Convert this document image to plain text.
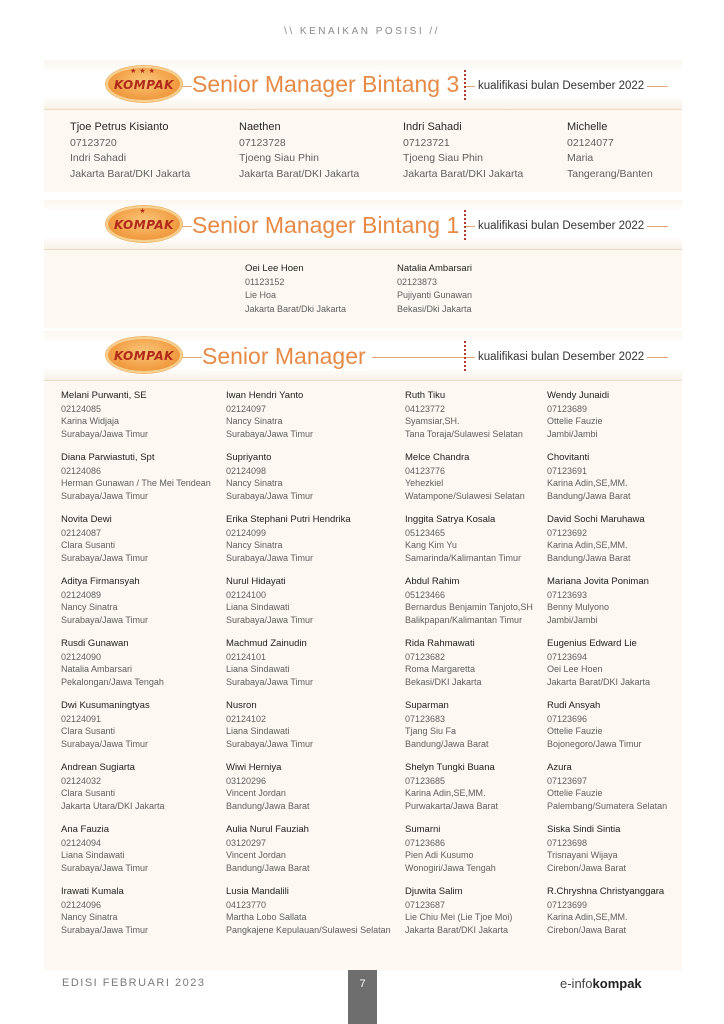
\\ KENAIKAN POSISI //
★★★
KOMPAK Senior Manager Bintang 3	kualifikasi bulan Desember 2022
Tjoe Petrus Kisianto
07123720
Indri Sahadi
Jakarta Barat/DKI Jakarta
Naethen
07123728
Tjoeng Siau Phin
Jakarta Barat/DKI Jakarta
Indri Sahadi
07123721
Tjoeng Siau Phin
Jakarta Barat/DKI Jakarta
Michelle
02124077
Maria
Tangerang/Banten
★
KOMPAK Senior Manager Bintang 1	kualifikasi bulan Desember 2022
Oei Lee Hoen
01123152
Lie Hoa
Jakarta Barat/Dki Jakarta
Natalia Ambarsari
02123873
Pujiyanti Gunawan
Bekasi/Dki Jakarta
KOMPAK Senior Manager	kualifikasi bulan Desember 2022
Melani Purwanti, SE
02124085
Karina Widjaja
Surabaya/Jawa Timur
Diana Parwiastuti, Spt
02124086
Herman Gunawan / The Mei Tendean
Surabaya/Jawa Timur
Novita Dewi
02124087
Clara Susanti
Surabaya/Jawa Timur
Aditya Firmansyah
02124089
Nancy Sinatra
Surabaya/Jawa Timur
Rusdi Gunawan
02124090
Natalia Ambarsari
Pekalongan/Jawa Tengah
Dwi Kusumaningtyas
02124091
Clara Susanti
Surabaya/Jawa Timur
Andrean Sugiarta
02124032
Clara Susanti
Jakarta Utara/DKI Jakarta
Ana Fauzia
02124094
Liana Sindawati
Surabaya/Jawa Timur
Irawati Kumala
02124096
Nancy Sinatra
Surabaya/Jawa Timur
Iwan Hendri Yanto
02124097
Nancy Sinatra
Surabaya/Jawa Timur
Supriyanto
02124098
Nancy Sinatra
Surabaya/Jawa Timur
Erika Stephani Putri Hendrika
02124099
Nancy Sinatra
Surabaya/Jawa Timur
Nurul Hidayati
02124100
Liana Sindawati
Surabaya/Jawa Timur
Machmud Zainudin
02124101
Liana Sindawati
Surabaya/Jawa Timur
Nusron
02124102
Liana Sindawati
Surabaya/Jawa Timur
Wiwi Herniya
03120296
Vincent Jordan
Bandung/Jawa Barat
Aulia Nurul Fauziah
03120297
Vincent Jordan
Bandung/Jawa Barat
Lusia Mandalili
04123770
Martha Lobo Sallata
Pangkajene Kepulauan/Sulawesi Selatan
Ruth Tiku
04123772
Syamsiar,SH.
Tana Toraja/Sulawesi Selatan
Melce Chandra
04123776
Yehezkiel
Watampone/Sulawesi Selatan
Inggita Satrya Kosala
05123465
Kang Kim Yu
Samarinda/Kalimantan Timur
Abdul Rahim
05123466
Bernardus Benjamin Tanjoto,SH
Balikpapan/Kalimantan Timur
Rida Rahmawati
07123682
Roma Margaretta
Bekasi/DKI Jakarta
Suparman
07123683
Tjang Siu Fa
Bandung/Jawa Barat
Shelyn Tungki Buana
07123685
Karina Adin,SE,MM.
Purwakarta/Jawa Barat
Sumarni
07123686
Pien Adi Kusumo
Wonogiri/Jawa Tengah
Djuwita Salim
07123687
Lie Chiu Mei (Lie Tjoe Moi)
Jakarta Barat/DKI Jakarta
Wendy Junaidi
07123689
Ottelie Fauzie
Jambi/Jambi
Chovitanti
07123691
Karina Adin,SE,MM.
Bandung/Jawa Barat
David Sochi Maruhawa
07123692
Karina Adin,SE,MM.
Bandung/Jawa Barat
Mariana Jovita Poniman
07123693
Benny Mulyono
Jambi/Jambi
Eugenius Edward Lie
07123694
Oei Lee Hoen
Jakarta Barat/DKI Jakarta
Rudi Ansyah
07123696
Ottelie Fauzie
Bojonegoro/Jawa Timur
Azura
07123697
Ottelie Fauzie
Palembang/Sumatera Selatan
Siska Sindi Sintia
07123698
Trisnayani Wijaya
Cirebon/Jawa Barat
R.Chryshna Christyanggara
07123699
Karina Adin,SE,MM.
Cirebon/Jawa Barat
EDISI FEBRUARI 2023	7	e-infokompak
